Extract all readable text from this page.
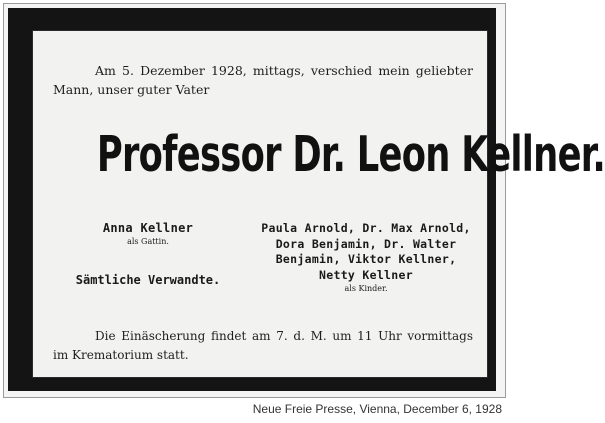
Am 5. Dezember 1928, mittags, verschied mein geliebter Mann, unser guter Vater
Professor Dr. Leon Kellner.
Anna Kellner
als Gattin.
Sämtliche Verwandte.
Paula Arnold, Dr. Max Arnold, Dora Benjamin, Dr. Walter Benjamin, Viktor Kellner, Netty Kellner
als Kinder.
Die Einäscherung findet am 7. d. M. um 11 Uhr vormittags im Krematorium statt.
Neue Freie Presse, Vienna, December 6, 1928
